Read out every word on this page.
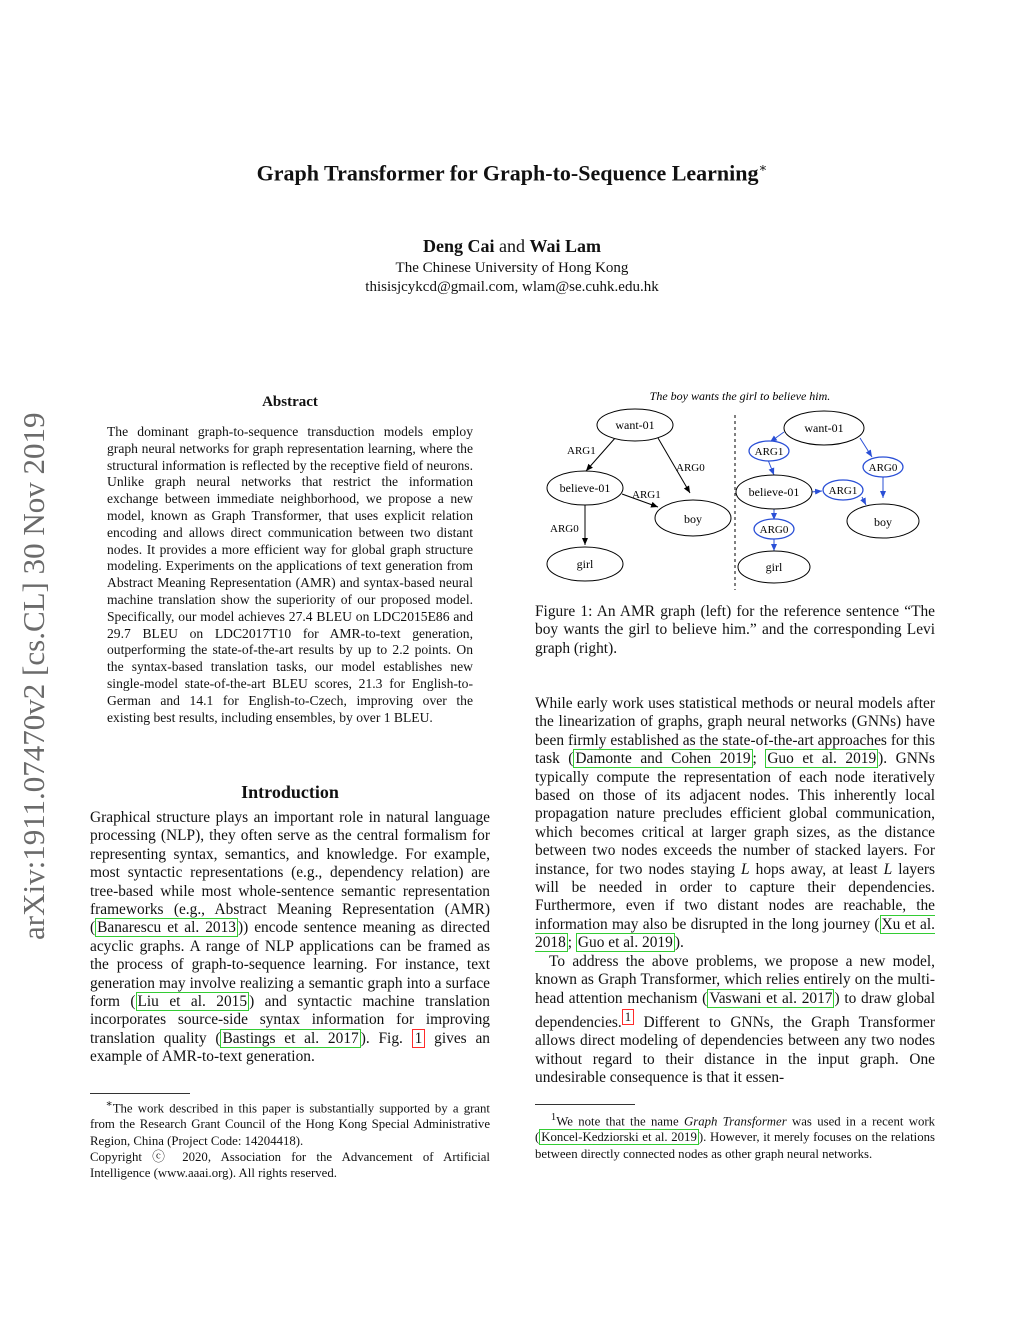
Graph Transformer for Graph-to-Sequence Learning∗
Deng Cai and Wai Lam
The Chinese University of Hong Kong
thisisjcykcd@gmail.com, wlam@se.cuhk.edu.hk
arXiv:1911.07470v2 [cs.CL] 30 Nov 2019
Abstract
The dominant graph-to-sequence transduction models employ graph neural networks for graph representation learning, where the structural information is reflected by the receptive field of neurons. Unlike graph neural networks that restrict the information exchange between immediate neighborhood, we propose a new model, known as Graph Transformer, that uses explicit relation encoding and allows direct communication between two distant nodes. It provides a more efficient way for global graph structure modeling. Experiments on the applications of text generation from Abstract Meaning Representation (AMR) and syntax-based neural machine translation show the superiority of our proposed model. Specifically, our model achieves 27.4 BLEU on LDC2015E86 and 29.7 BLEU on LDC2017T10 for AMR-to-text generation, outperforming the state-of-the-art results by up to 2.2 points. On the syntax-based translation tasks, our model establishes new single-model state-of-the-art BLEU scores, 21.3 for English-to-German and 14.1 for English-to-Czech, improving over the existing best results, including ensembles, by over 1 BLEU.
Introduction

Graphical structure plays an important role in natural language processing (NLP), they often serve as the central formalism for representing syntax, semantics, and knowledge. For example, most syntactic representations (e.g., dependency relation) are tree-based while most whole-sentence semantic representation frameworks (e.g., Abstract Meaning Representation (AMR) ( Banarescu et al. 2013 )) encode sentence meaning as directed acyclic graphs. A range of NLP applications can be framed as the process of graph-to-sequence learning. For instance, text generation may involve realizing a semantic graph into a surface form ( Liu et al. 2015 ) and syntactic machine translation incorporates source-side syntax information for improving translation quality ( Bastings et al. 2017 ). Fig. 1 gives an example of AMR-to-text generation.

∗The work described in this paper is substantially supported by a grant from the Research Grant Council of the Hong Kong Special Administrative Region, China (Project Code: 14204418).

Copyright ⓒ 2020, Association for the Advancement of Artificial Intelligence (www.aaai.org). All rights reserved.

The boy wants the girl to believe him.
ARG1
ARG0
ARG1
ARG0
want-01
believe-01
boy
girl
want-01
ARG1
ARG0
believe-01	ARG1
boy
ARG0
girl
Figure 1: An AMR graph (left) for the reference sentence “The boy wants the girl to believe him.” and the corresponding Levi graph (right).

While early work uses statistical methods or neural models after the linearization of graphs, graph neural networks (GNNs) have been firmly established as the state-of-the-art approaches for this task ( Damonte and Cohen 2019 ; Guo et al. 2019 ). GNNs typically compute the representation of each node iteratively based on those of its adjacent nodes. This inherently local propagation nature precludes efficient global communication, which becomes critical at larger graph sizes, as the distance between two nodes exceeds the number of stacked layers. For instance, for two nodes staying L hops away, at least L layers will be needed in order to capture their dependencies. Furthermore, even if two distant nodes are reachable, the information may also be disrupted in the long journey ( Xu et al. 2018 ; Guo et al. 2019 ).

To address the above problems, we propose a new model, known as Graph Transformer, which relies entirely on the multi-head attention mechanism ( Vaswani et al. 2017 ) to draw global dependencies. $^1$ Different to GNNs, the Graph Transformer allows direct modeling of dependencies between any two nodes without regard to their distance in the input graph. One undesirable consequence is that it essen-

$^1$We note that the name Graph Transformer was used in a recent work ( Koncel-Kedziorski et al. 2019 ). However, it merely focuses on the relations between directly connected nodes as other graph neural networks.
